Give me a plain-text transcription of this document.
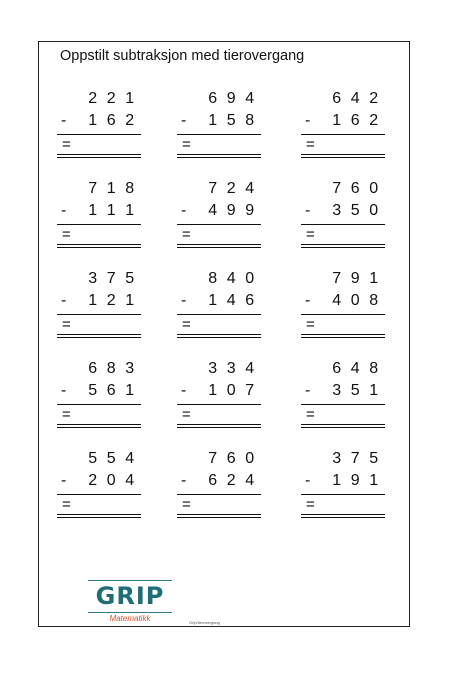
Oppstilt subtraksjon med tierovergang
2 2 1
- 1 6 2
=
6 9 4
- 1 5 8
=
6 4 2
- 1 6 2
=
7 1 8
- 1 1 1
=
7 2 4
- 4 9 9
=
7 6 0
- 3 5 0
=
3 7 5
- 1 2 1
=
8 4 0
- 1 4 6
=
7 9 1
- 4 0 8
=
6 8 3
- 5 6 1
=
3 3 4
- 1 0 7
=
6 4 8
- 3 5 1
=
5 5 4
- 2 0 4
=
7 6 0
- 6 2 4
=
3 7 5
- 1 9 1
=
GRIP
Matematikk	Grip/tierovergang
